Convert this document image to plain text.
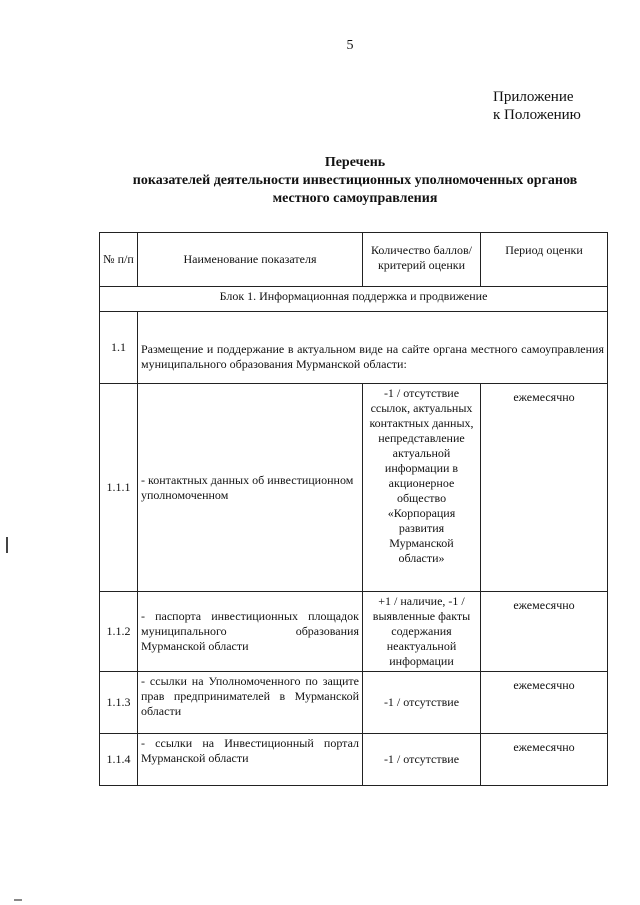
5
Приложение
к Положению
Перечень
показателей деятельности инвестиционных уполномоченных органов
местного самоуправления
№ п/п	Наименование показателя	Количество баллов/ критерий оценки	Период оценки
Блок 1. Информационная поддержка и продвижение			
1.1	Размещение и поддержание в актуальном виде на сайте органа местного самоуправления муниципального образования Мурманской области:		
1.1.1	- контактных данных об инвестиционном уполномоченном	-1 / отсутствие ссылок, актуальных контактных данных, непредставление актуальной информации в акционерное общество «Корпорация развития Мурманской области»	ежемесячно
1.1.2	- паспорта инвестиционных площадок муниципального образования Мурманской области	+1 / наличие, -1 / выявленные факты содержания неактуальной информации	ежемесячно
1.1.3	- ссылки на Уполномоченного по защите прав предпринимателей в Мурманской области	-1 / отсутствие	ежемесячно
1.1.4	- ссылки на Инвестиционный портал Мурманской области	-1 / отсутствие	ежемесячно
